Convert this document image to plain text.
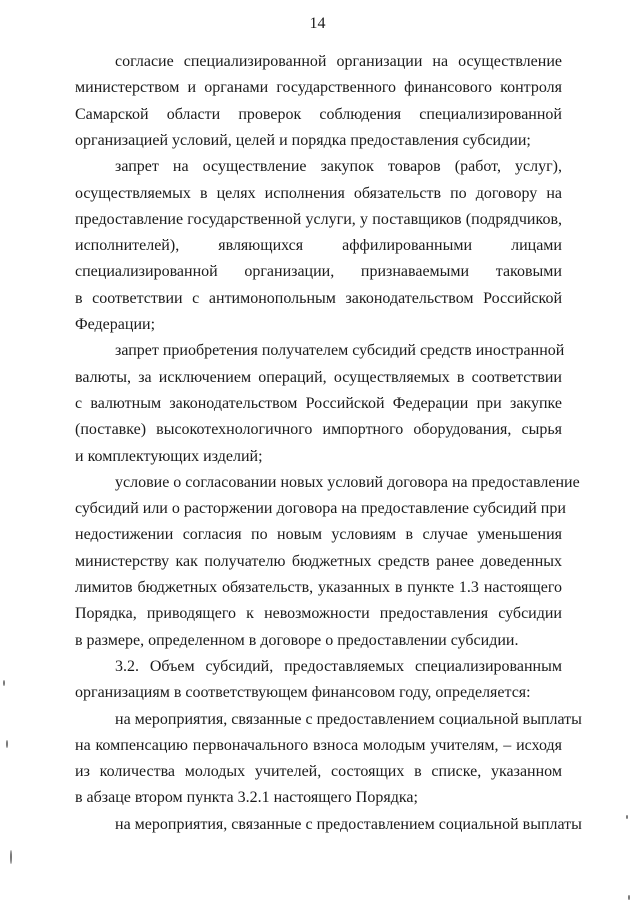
14
согласие специализированной организации на осуществление
министерством и органами государственного финансового контроля
Самарской области проверок соблюдения специализированной
организацией условий, целей и порядка предоставления субсидии;
запрет на осуществление закупок товаров (работ, услуг),
осуществляемых в целях исполнения обязательств по договору на
предоставление государственной услуги, у поставщиков (подрядчиков,
исполнителей), являющихся аффилированными лицами
специализированной организации, признаваемыми таковыми
в соответствии с антимонопольным законодательством Российской
Федерации;
запрет приобретения получателем субсидий средств иностранной
валюты, за исключением операций, осуществляемых в соответствии
с валютным законодательством Российской Федерации при закупке
(поставке) высокотехнологичного импортного оборудования, сырья
и комплектующих изделий;
условие о согласовании новых условий договора на предоставление
субсидий или о расторжении договора на предоставление субсидий при
недостижении согласия по новым условиям в случае уменьшения
министерству как получателю бюджетных средств ранее доведенных
лимитов бюджетных обязательств, указанных в пункте 1.3 настоящего
Порядка, приводящего к невозможности предоставления субсидии
в размере, определенном в договоре о предоставлении субсидии.
3.2. Объем субсидий, предоставляемых специализированным
организациям в соответствующем финансовом году, определяется:
на мероприятия, связанные с предоставлением социальной выплаты
на компенсацию первоначального взноса молодым учителям, – исходя
из количества молодых учителей, состоящих в списке, указанном
в абзаце втором пункта 3.2.1 настоящего Порядка;
на мероприятия, связанные с предоставлением социальной выплаты
